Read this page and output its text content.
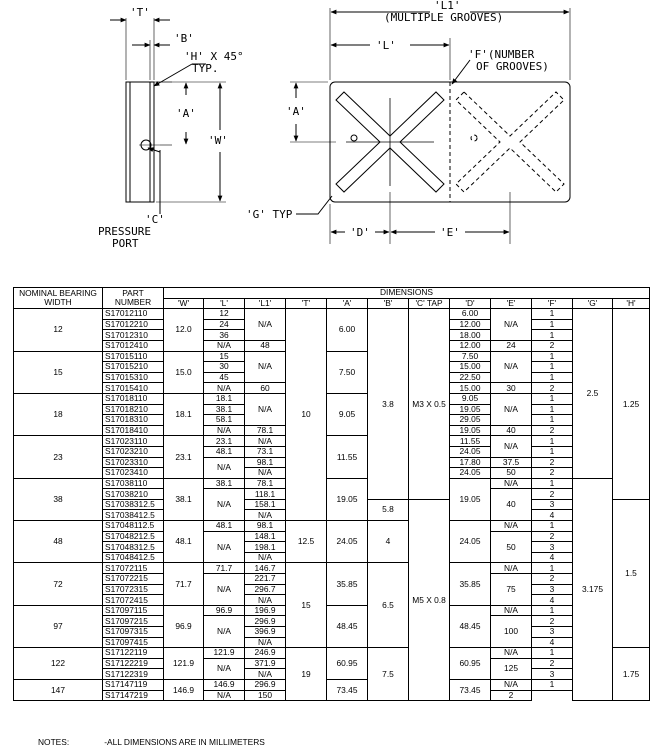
'T'
'B'
'H' X 45°
TYP.
'A'
'W'
'C'
PRESSURE
PORT
'L1'
(MULTIPLE GROOVES)
'L'
'F'(NUMBER
OF GROOVES)
'A'
'G' TYP
'D'	'E'
NOMINAL BEARING
WIDTH	PART
NUMBER	DIMENSIONS											
		'W'	'L'	'L1'	'T'	'A'	'B'	'C' TAP	'D'	'E'	'F'	'G'	'H'
12	S17012110	12.0	12	N/A	10	6.00	3.8	M3 X 0.5	6.00	N/A	1	2.5	1.25
	S17012210		24						12.00		1		
	S17012310		36						18.00		1		
	S17012410		N/A	48					12.00	24	2		
15	S17015110	15.0	15	N/A		7.50			7.50	N/A	1		
	S17015210		30						15.00		1		
	S17015310		45						22.50		1		
	S17015410		N/A	60					15.00	30	2		
18	S17018110	18.1	18.1	N/A		9.05			9.05	N/A	1		
	S17018210		38.1						19.05		1		
	S17018310		58.1						29.05		1		
	S17018410		N/A	78.1					19.05	40	2		
23	S17023110	23.1	23.1	N/A		11.55			11.55	N/A	1		
	S17023210		48.1	73.1					24.05		1		
	S17023310		N/A	98.1					17.80	37.5	2		
	S17023410			N/A					24.05	50	2		
38	S17038110	38.1	38.1	78.1		19.05			19.05	N/A	1	3.175	
	S17038210		N/A	118.1						40	2		
	S17038312.5			158.1			5.8	M5 X 0.8			3		1.5
	S17038412.5			N/A							4		
48	S17048112.5	48.1	48.1	98.1	12.5	24.05	4		24.05	N/A	1		
	S17048212.5		N/A	148.1						50	2		
	S17048312.5			198.1							3		
	S17048412.5			N/A							4		
72	S17072115	71.7	71.7	146.7	15	35.85	6.5		35.85	N/A	1		
	S17072215		N/A	221.7						75	2		
	S17072315			296.7							3		
	S17072415			N/A							4		
97	S17097115	96.9	96.9	196.9		48.45			48.45	N/A	1		
	S17097215		N/A	296.9						100	2		
	S17097315			396.9							3		
	S17097415			N/A							4		
122	S17122119	121.9	121.9	246.9	19	60.95	7.5		60.95	N/A	1		1.75
	S17122219		N/A	371.9						125	2		
	S17122319			N/A							3		
147	S17147119	146.9	146.9	296.9		73.45			73.45	N/A	1		
	S17147219		N/A	150						2			
NOTES:	-ALL DIMENSIONS ARE IN MILLIMETERS
